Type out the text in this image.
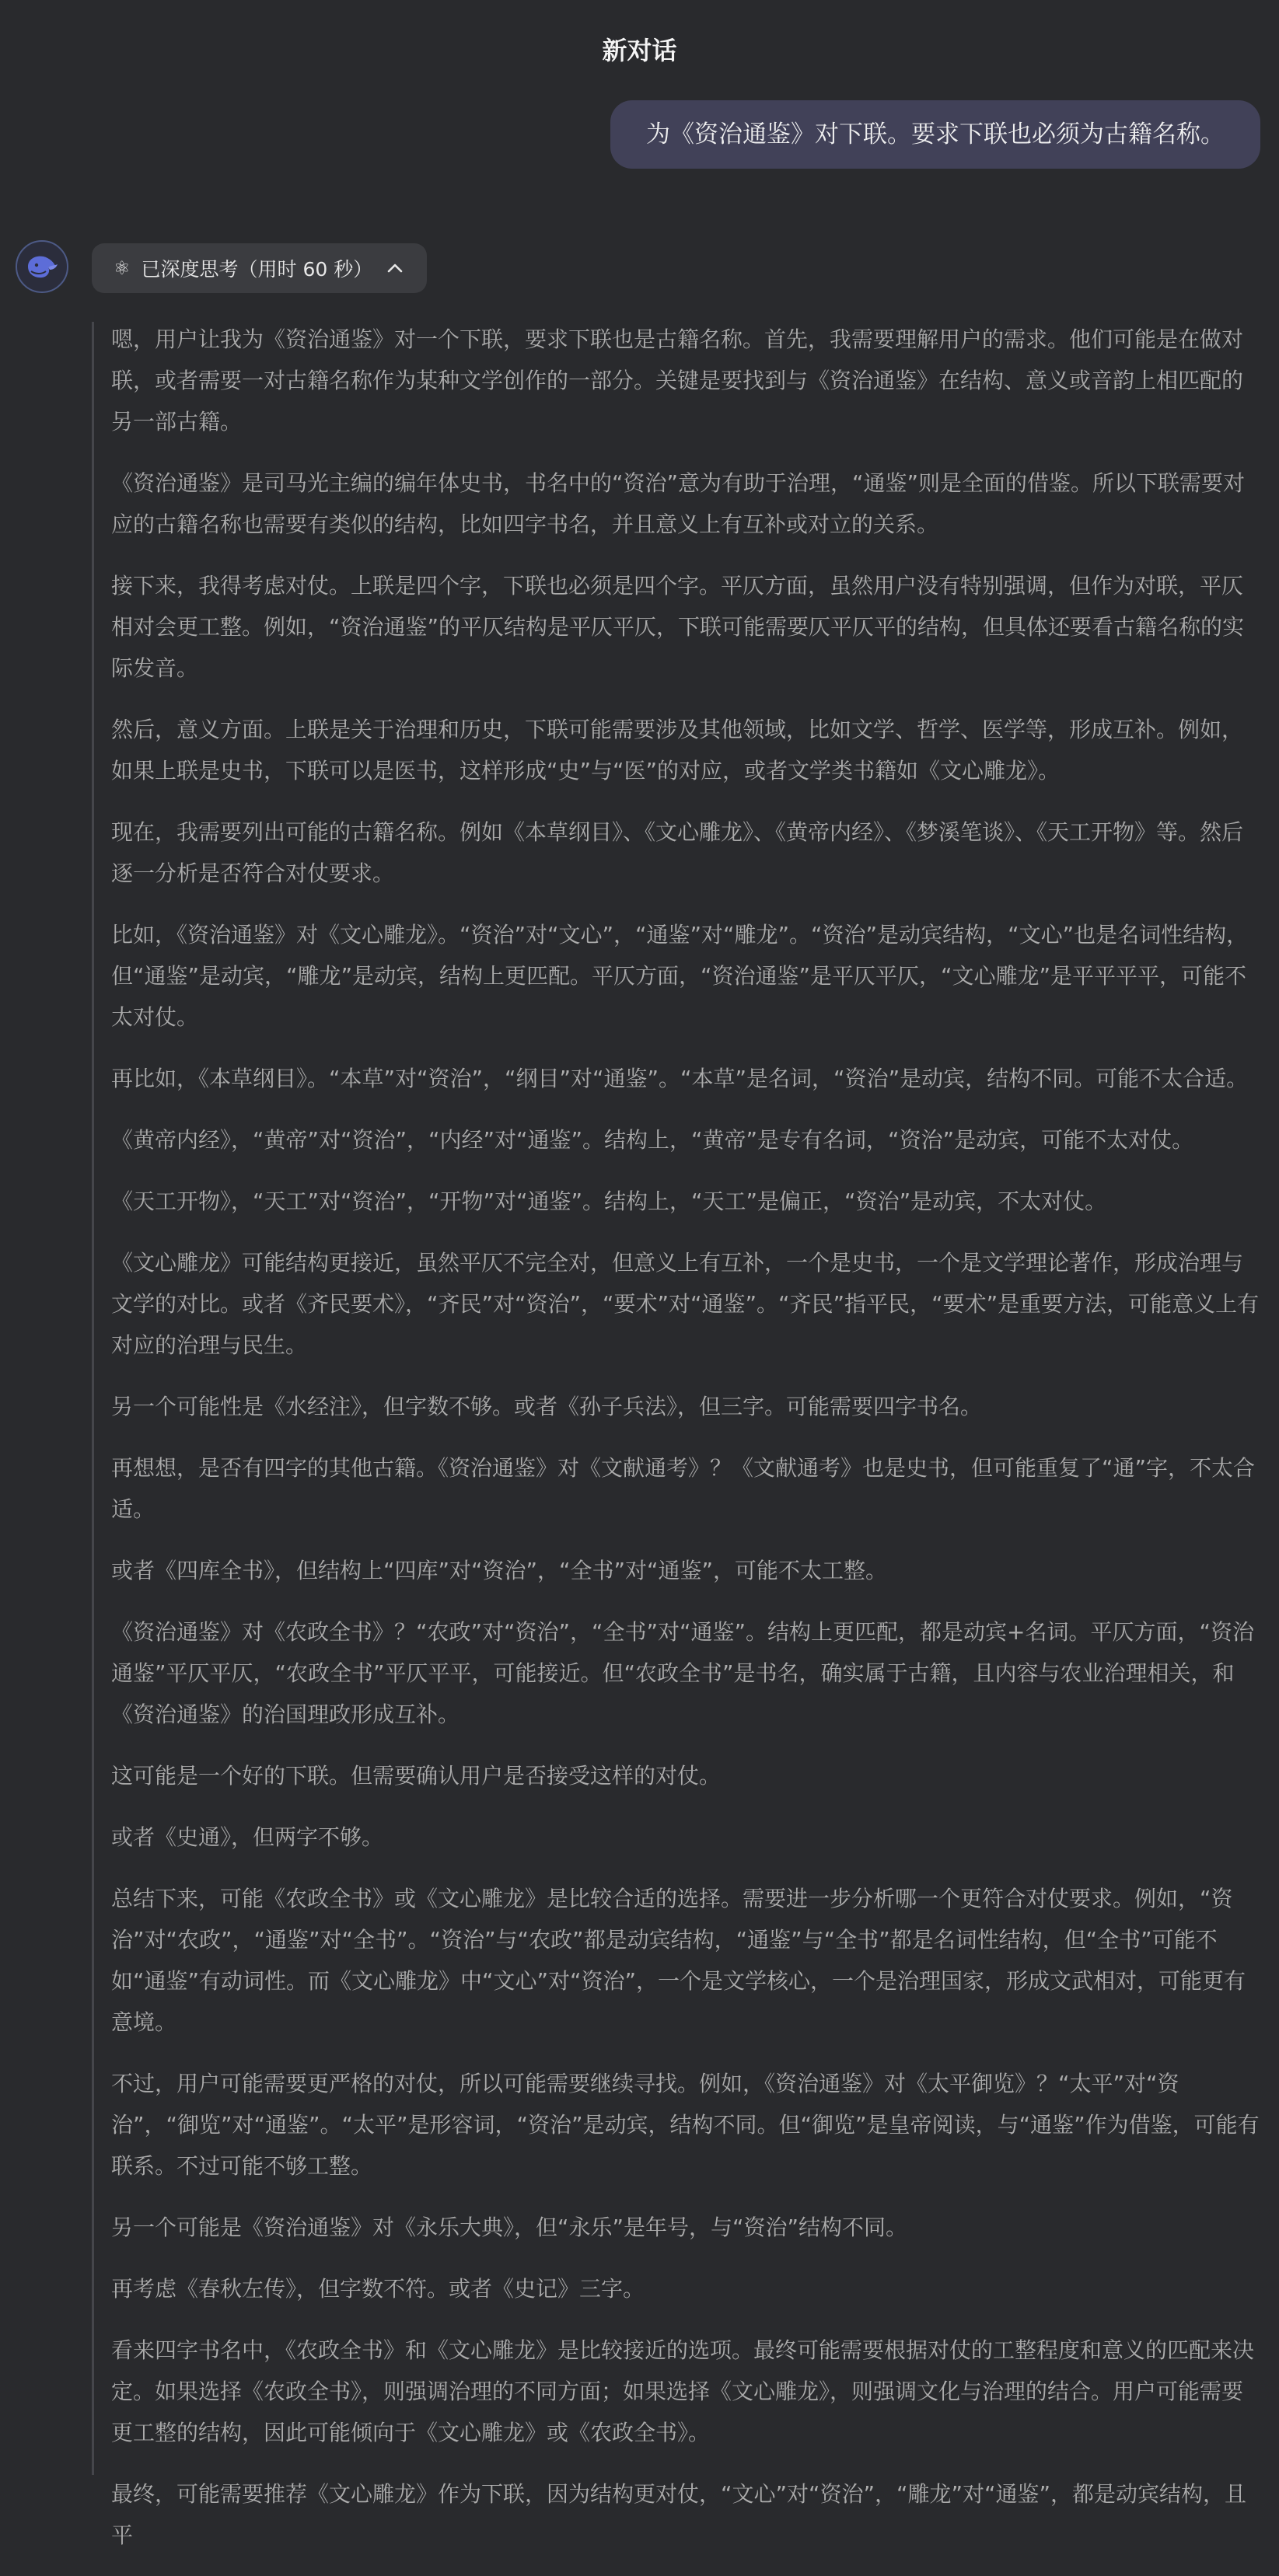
新对话
为《资治通鉴》对下联。要求下联也必须为古籍名称。
⚛ 已深度思考（用时 60 秒）

嗯，用户让我为《资治通鉴》对一个下联，要求下联也是古籍名称。首先，我需要理解用户的需求。他们可能是在做对联，或者需要一对古籍名称作为某种文学创作的一部分。关键是要找到与《资治通鉴》在结构、意义或音韵上相匹配的另一部古籍。

《资治通鉴》是司马光主编的编年体史书，书名中的“资治”意为有助于治理，“通鉴”则是全面的借鉴。所以下联需要对应的古籍名称也需要有类似的结构，比如四字书名，并且意义上有互补或对立的关系。

接下来，我得考虑对仗。上联是四个字，下联也必须是四个字。平仄方面，虽然用户没有特别强调，但作为对联，平仄相对会更工整。例如，“资治通鉴”的平仄结构是平仄平仄，下联可能需要仄平仄平的结构，但具体还要看古籍名称的实际发音。

然后，意义方面。上联是关于治理和历史，下联可能需要涉及其他领域，比如文学、哲学、医学等，形成互补。例如，如果上联是史书，下联可以是医书，这样形成“史”与“医”的对应，或者文学类书籍如《文心雕龙》。

现在，我需要列出可能的古籍名称。例如《本草纲目》、《文心雕龙》、《黄帝内经》、《梦溪笔谈》、《天工开物》等。然后逐一分析是否符合对仗要求。

比如，《资治通鉴》对《文心雕龙》。“资治”对“文心”，“通鉴”对“雕龙”。“资治”是动宾结构，“文心”也是名词性结构，但“通鉴”是动宾，“雕龙”是动宾，结构上更匹配。平仄方面，“资治通鉴”是平仄平仄，“文心雕龙”是平平平平，可能不太对仗。

再比如，《本草纲目》。“本草”对“资治”，“纲目”对“通鉴”。“本草”是名词，“资治”是动宾，结构不同。可能不太合适。

《黄帝内经》，“黄帝”对“资治”，“内经”对“通鉴”。结构上，“黄帝”是专有名词，“资治”是动宾，可能不太对仗。

《天工开物》，“天工”对“资治”，“开物”对“通鉴”。结构上，“天工”是偏正，“资治”是动宾，不太对仗。

《文心雕龙》可能结构更接近，虽然平仄不完全对，但意义上有互补，一个是史书，一个是文学理论著作，形成治理与文学的对比。或者《齐民要术》，“齐民”对“资治”，“要术”对“通鉴”。“齐民”指平民，“要术”是重要方法，可能意义上有对应的治理与民生。

另一个可能性是《水经注》，但字数不够。或者《孙子兵法》，但三字。可能需要四字书名。

再想想，是否有四字的其他古籍。《资治通鉴》对《文献通考》？《文献通考》也是史书，但可能重复了“通”字，不太合适。

或者《四库全书》，但结构上“四库”对“资治”，“全书”对“通鉴”，可能不太工整。

《资治通鉴》对《农政全书》？“农政”对“资治”，“全书”对“通鉴”。结构上更匹配，都是动宾+名词。平仄方面，“资治通鉴”平仄平仄，“农政全书”平仄平平，可能接近。但“农政全书”是书名，确实属于古籍，且内容与农业治理相关，和《资治通鉴》的治国理政形成互补。

这可能是一个好的下联。但需要确认用户是否接受这样的对仗。

或者《史通》，但两字不够。

总结下来，可能《农政全书》或《文心雕龙》是比较合适的选择。需要进一步分析哪一个更符合对仗要求。例如，“资治”对“农政”，“通鉴”对“全书”。“资治”与“农政”都是动宾结构，“通鉴”与“全书”都是名词性结构，但“全书”可能不如“通鉴”有动词性。而《文心雕龙》中“文心”对“资治”，一个是文学核心，一个是治理国家，形成文武相对，可能更有意境。

不过，用户可能需要更严格的对仗，所以可能需要继续寻找。例如，《资治通鉴》对《太平御览》？“太平”对“资治”，“御览”对“通鉴”。“太平”是形容词，“资治”是动宾，结构不同。但“御览”是皇帝阅读，与“通鉴”作为借鉴，可能有联系。不过可能不够工整。

另一个可能是《资治通鉴》对《永乐大典》，但“永乐”是年号，与“资治”结构不同。

再考虑《春秋左传》，但字数不符。或者《史记》三字。

看来四字书名中，《农政全书》和《文心雕龙》是比较接近的选项。最终可能需要根据对仗的工整程度和意义的匹配来决定。如果选择《农政全书》，则强调治理的不同方面；如果选择《文心雕龙》，则强调文化与治理的结合。用户可能需要更工整的结构，因此可能倾向于《文心雕龙》或《农政全书》。

最终，可能需要推荐《文心雕龙》作为下联，因为结构更对仗，“文心”对“资治”，“雕龙”对“通鉴”，都是动宾结构，且平
